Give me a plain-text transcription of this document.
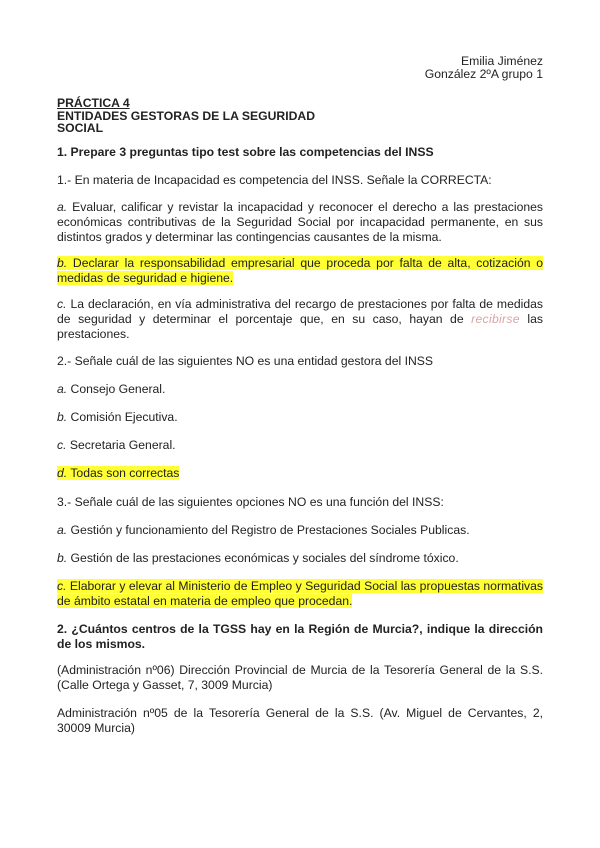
Emilia Jiménez
González 2ºA grupo 1
PRÁCTICA 4
ENTIDADES GESTORAS DE LA SEGURIDAD
SOCIAL
1. Prepare 3 preguntas tipo test sobre las competencias del INSS
1.- En materia de Incapacidad es competencia del INSS. Señale la CORRECTA:
a. Evaluar, calificar y revistar la incapacidad y reconocer el derecho a las prestaciones económicas contributivas de la Seguridad Social por incapacidad permanente, en sus distintos grados y determinar las contingencias causantes de la misma.
b. Declarar la responsabilidad empresarial que proceda por falta de alta, cotización o medidas de seguridad e higiene.
c. La declaración, en vía administrativa del recargo de prestaciones por falta de medidas de seguridad y determinar el porcentaje que, en su caso, hayan de recibirse las prestaciones.
2.- Señale cuál de las siguientes NO es una entidad gestora del INSS
a. Consejo General.
b. Comisión Ejecutiva.
c. Secretaria General.
d. Todas son correctas
3.- Señale cuál de las siguientes opciones NO es una función del INSS:
a. Gestión y funcionamiento del Registro de Prestaciones Sociales Publicas.
b. Gestión de las prestaciones económicas y sociales del síndrome tóxico.
c. Elaborar y elevar al Ministerio de Empleo y Seguridad Social las propuestas normativas de ámbito estatal en materia de empleo que procedan.
2. ¿Cuántos centros de la TGSS hay en la Región de Murcia?, indique la dirección de los mismos.
(Administración nº06) Dirección Provincial de Murcia de la Tesorería General de la S.S. (Calle Ortega y Gasset, 7, 3009 Murcia)
Administración nº05 de la Tesorería General de la S.S. (Av. Miguel de Cervantes, 2, 30009 Murcia)
